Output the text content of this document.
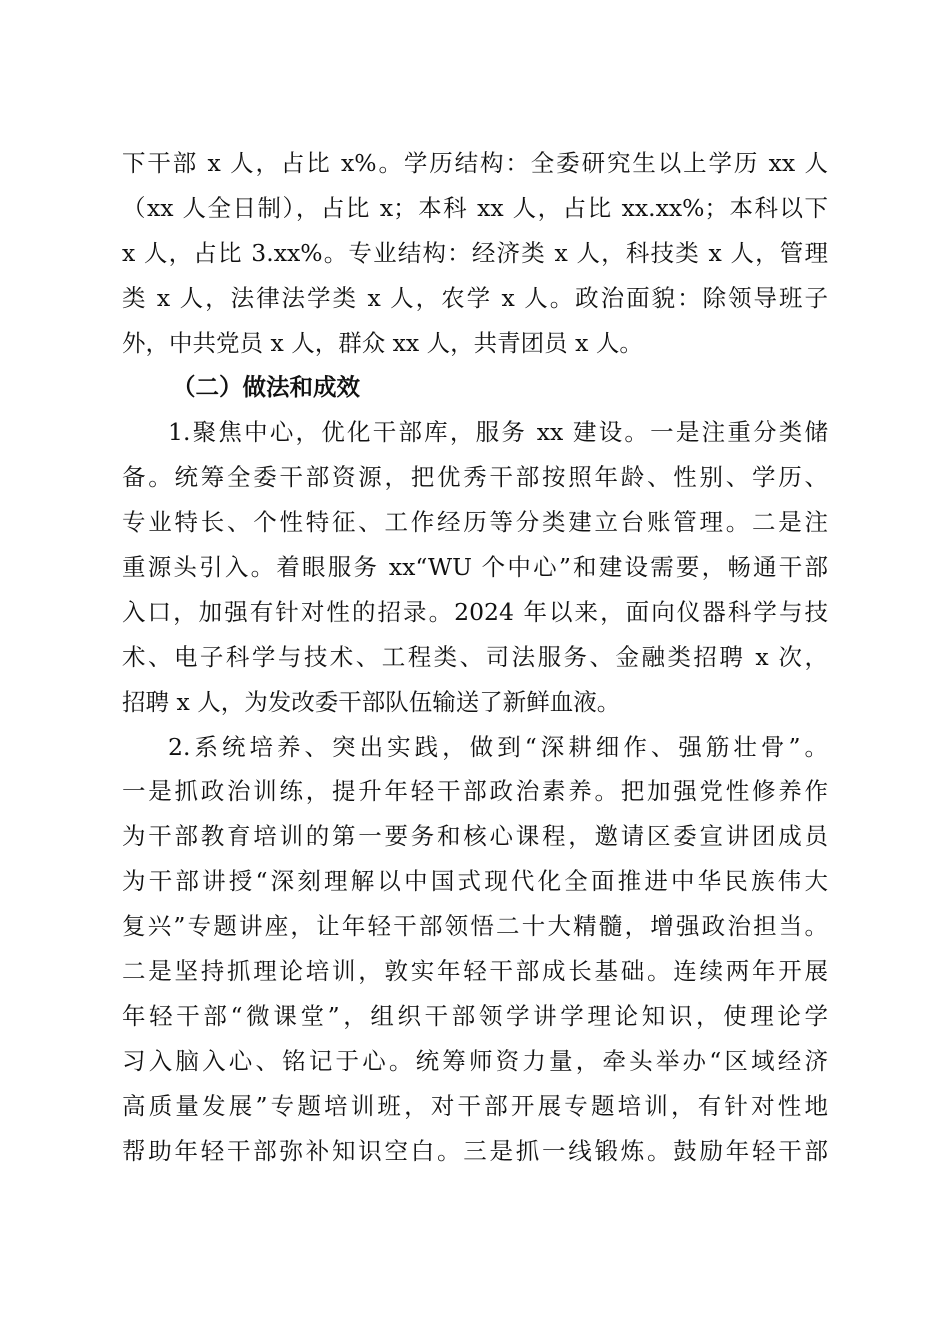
下干部 x 人，占比 x%。学历结构：全委研究生以上学历 xx 人
（xx 人全日制），占比 x；本科 xx 人，占比 xx.xx%；本科以下
x 人，占比 3.xx%。专业结构：经济类 x 人，科技类 x 人，管理
类 x 人，法律法学类 x 人，农学 x 人。政治面貌：除领导班子
外，中共党员 x 人，群众 xx 人，共青团员 x 人。
（二）做法和成效
1.聚焦中心，优化干部库，服务 xx 建设。一是注重分类储
备。统筹全委干部资源，把优秀干部按照年龄、性别、学历、
专业特长、个性特征、工作经历等分类建立台账管理。二是注
重源头引入。着眼服务 xx“WU 个中心”和建设需要，畅通干部
入口，加强有针对性的招录。2024 年以来，面向仪器科学与技
术、电子科学与技术、工程类、司法服务、金融类招聘 x 次，
招聘 x 人，为发改委干部队伍输送了新鲜血液。
2.系统培养、突出实践，做到“深耕细作、强筋壮骨”。
一是抓政治训练，提升年轻干部政治素养。把加强党性修养作
为干部教育培训的第一要务和核心课程，邀请区委宣讲团成员
为干部讲授“深刻理解以中国式现代化全面推进中华民族伟大
复兴”专题讲座，让年轻干部领悟二十大精髓，增强政治担当。
二是坚持抓理论培训，敦实年轻干部成长基础。连续两年开展
年轻干部“微课堂”，组织干部领学讲学理论知识，使理论学
习入脑入心、铭记于心。统筹师资力量，牵头举办“区域经济
高质量发展”专题培训班，对干部开展专题培训，有针对性地
帮助年轻干部弥补知识空白。三是抓一线锻炼。鼓励年轻干部
